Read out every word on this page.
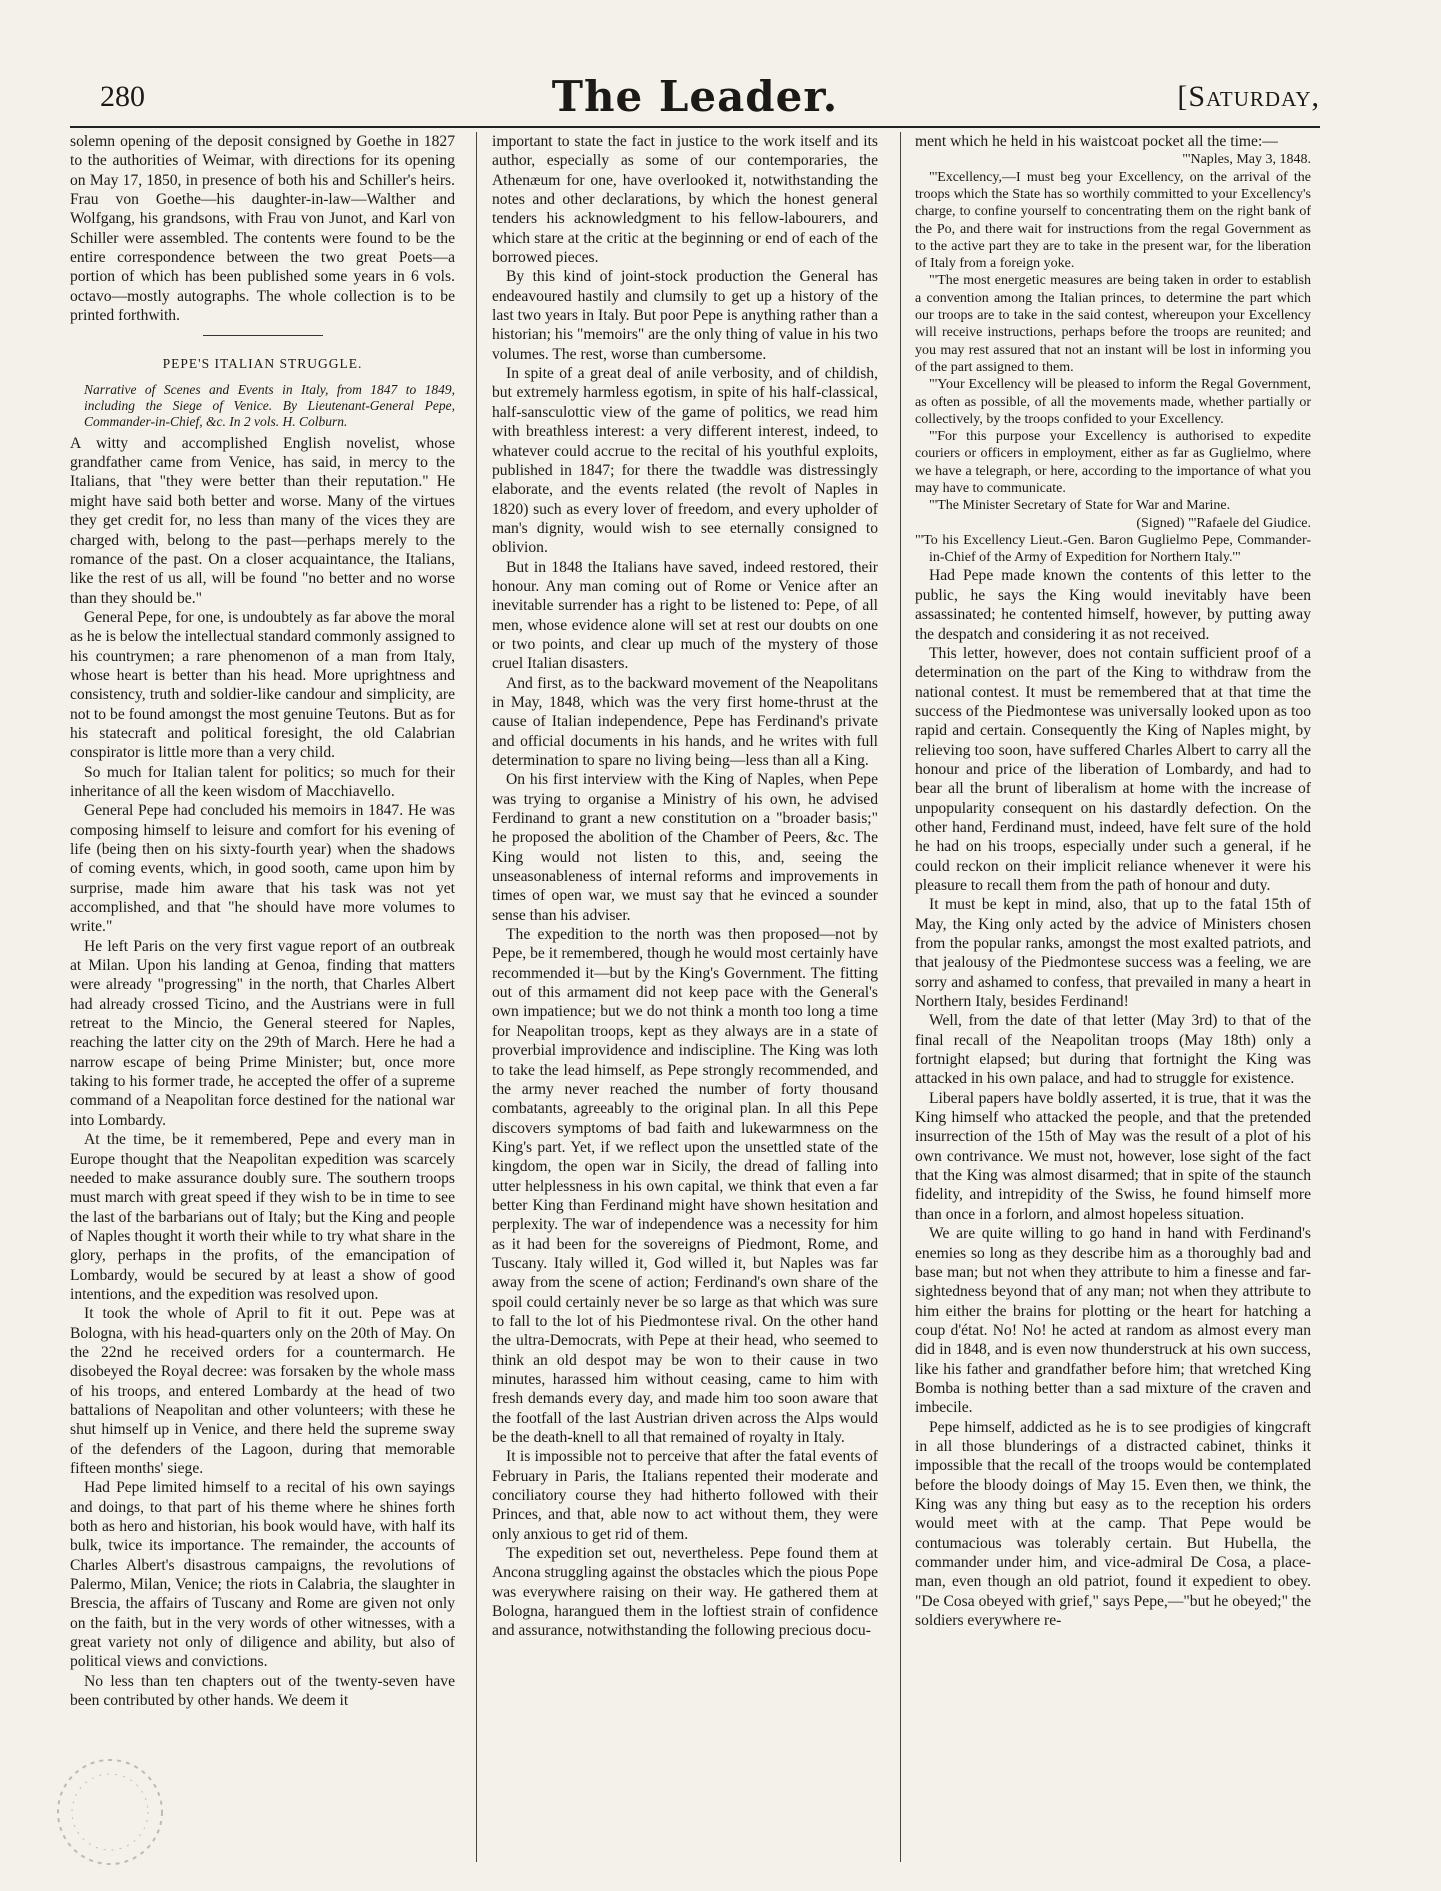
280	The Leader.	[Saturday,

solemn opening of the deposit consigned by Goethe in 1827 to the authorities of Weimar, with directions for its opening on May 17, 1850, in presence of both his and Schiller's heirs. Frau von Goethe—his daughter-in-law—Walther and Wolfgang, his grandsons, with Frau von Junot, and Karl von Schiller were assembled. The contents were found to be the entire correspondence between the two great Poets—a portion of which has been published some years in 6 vols. octavo—mostly autographs. The whole collection is to be printed forthwith.

PEPE'S ITALIAN STRUGGLE.

Narrative of Scenes and Events in Italy, from 1847 to 1849, including the Siege of Venice. By Lieutenant-General Pepe, Commander-in-Chief, &c. In 2 vols. H. Colburn.

A witty and accomplished English novelist, whose grandfather came from Venice, has said, in mercy to the Italians, that "they were better than their reputation." He might have said both better and worse. Many of the virtues they get credit for, no less than many of the vices they are charged with, belong to the past—perhaps merely to the romance of the past. On a closer acquaintance, the Italians, like the rest of us all, will be found "no better and no worse than they should be."

General Pepe, for one, is undoubtely as far above the moral as he is below the intellectual standard commonly assigned to his countrymen; a rare phenomenon of a man from Italy, whose heart is better than his head. More uprightness and consistency, truth and soldier-like candour and simplicity, are not to be found amongst the most genuine Teutons. But as for his statecraft and political foresight, the old Calabrian conspirator is little more than a very child.

So much for Italian talent for politics; so much for their inheritance of all the keen wisdom of Macchiavello.

General Pepe had concluded his memoirs in 1847. He was composing himself to leisure and comfort for his evening of life (being then on his sixty-fourth year) when the shadows of coming events, which, in good sooth, came upon him by surprise, made him aware that his task was not yet accomplished, and that "he should have more volumes to write."

He left Paris on the very first vague report of an outbreak at Milan. Upon his landing at Genoa, finding that matters were already "progressing" in the north, that Charles Albert had already crossed Ticino, and the Austrians were in full retreat to the Mincio, the General steered for Naples, reaching the latter city on the 29th of March. Here he had a narrow escape of being Prime Minister; but, once more taking to his former trade, he accepted the offer of a supreme command of a Neapolitan force destined for the national war into Lombardy.

At the time, be it remembered, Pepe and every man in Europe thought that the Neapolitan expedition was scarcely needed to make assurance doubly sure. The southern troops must march with great speed if they wish to be in time to see the last of the barbarians out of Italy; but the King and people of Naples thought it worth their while to try what share in the glory, perhaps in the profits, of the emancipation of Lombardy, would be secured by at least a show of good intentions, and the expedition was resolved upon.

It took the whole of April to fit it out. Pepe was at Bologna, with his head-quarters only on the 20th of May. On the 22nd he received orders for a countermarch. He disobeyed the Royal decree: was forsaken by the whole mass of his troops, and entered Lombardy at the head of two battalions of Neapolitan and other volunteers; with these he shut himself up in Venice, and there held the supreme sway of the defenders of the Lagoon, during that memorable fifteen months' siege.

Had Pepe limited himself to a recital of his own sayings and doings, to that part of his theme where he shines forth both as hero and historian, his book would have, with half its bulk, twice its importance. The remainder, the accounts of Charles Albert's disastrous campaigns, the revolutions of Palermo, Milan, Venice; the riots in Calabria, the slaughter in Brescia, the affairs of Tuscany and Rome are given not only on the faith, but in the very words of other witnesses, with a great variety not only of diligence and ability, but also of political views and convictions.

No less than ten chapters out of the twenty-seven have been contributed by other hands. We deem it

important to state the fact in justice to the work itself and its author, especially as some of our contemporaries, the Athenæum for one, have overlooked it, notwithstanding the notes and other declarations, by which the honest general tenders his acknowledgment to his fellow-labourers, and which stare at the critic at the beginning or end of each of the borrowed pieces.

By this kind of joint-stock production the General has endeavoured hastily and clumsily to get up a history of the last two years in Italy. But poor Pepe is anything rather than a historian; his "memoirs" are the only thing of value in his two volumes. The rest, worse than cumbersome.

In spite of a great deal of anile verbosity, and of childish, but extremely harmless egotism, in spite of his half-classical, half-sansculottic view of the game of politics, we read him with breathless interest: a very different interest, indeed, to whatever could accrue to the recital of his youthful exploits, published in 1847; for there the twaddle was distressingly elaborate, and the events related (the revolt of Naples in 1820) such as every lover of freedom, and every upholder of man's dignity, would wish to see eternally consigned to oblivion.

But in 1848 the Italians have saved, indeed restored, their honour. Any man coming out of Rome or Venice after an inevitable surrender has a right to be listened to: Pepe, of all men, whose evidence alone will set at rest our doubts on one or two points, and clear up much of the mystery of those cruel Italian disasters.

And first, as to the backward movement of the Neapolitans in May, 1848, which was the very first home-thrust at the cause of Italian independence, Pepe has Ferdinand's private and official documents in his hands, and he writes with full determination to spare no living being—less than all a King.

On his first interview with the King of Naples, when Pepe was trying to organise a Ministry of his own, he advised Ferdinand to grant a new constitution on a "broader basis;" he proposed the abolition of the Chamber of Peers, &c. The King would not listen to this, and, seeing the unseasonableness of internal reforms and improvements in times of open war, we must say that he evinced a sounder sense than his adviser.

The expedition to the north was then proposed—not by Pepe, be it remembered, though he would most certainly have recommended it—but by the King's Government. The fitting out of this armament did not keep pace with the General's own impatience; but we do not think a month too long a time for Neapolitan troops, kept as they always are in a state of proverbial improvidence and indiscipline. The King was loth to take the lead himself, as Pepe strongly recommended, and the army never reached the number of forty thousand combatants, agreeably to the original plan. In all this Pepe discovers symptoms of bad faith and lukewarmness on the King's part. Yet, if we reflect upon the unsettled state of the kingdom, the open war in Sicily, the dread of falling into utter helplessness in his own capital, we think that even a far better King than Ferdinand might have shown hesitation and perplexity. The war of independence was a necessity for him as it had been for the sovereigns of Piedmont, Rome, and Tuscany. Italy willed it, God willed it, but Naples was far away from the scene of action; Ferdinand's own share of the spoil could certainly never be so large as that which was sure to fall to the lot of his Piedmontese rival. On the other hand the ultra-Democrats, with Pepe at their head, who seemed to think an old despot may be won to their cause in two minutes, harassed him without ceasing, came to him with fresh demands every day, and made him too soon aware that the footfall of the last Austrian driven across the Alps would be the death-knell to all that remained of royalty in Italy.

It is impossible not to perceive that after the fatal events of February in Paris, the Italians repented their moderate and conciliatory course they had hitherto followed with their Princes, and that, able now to act without them, they were only anxious to get rid of them.

The expedition set out, nevertheless. Pepe found them at Ancona struggling against the obstacles which the pious Pope was everywhere raising on their way. He gathered them at Bologna, harangued them in the loftiest strain of confidence and assurance, notwithstanding the following precious docu-

ment which he held in his waistcoat pocket all the time:—

"'Naples, May 3, 1848.

"'Excellency,—I must beg your Excellency, on the arrival of the troops which the State has so worthily committed to your Excellency's charge, to confine yourself to concentrating them on the right bank of the Po, and there wait for instructions from the regal Government as to the active part they are to take in the present war, for the liberation of Italy from a foreign yoke.

"'The most energetic measures are being taken in order to establish a convention among the Italian princes, to determine the part which our troops are to take in the said contest, whereupon your Excellency will receive instructions, perhaps before the troops are reunited; and you may rest assured that not an instant will be lost in informing you of the part assigned to them.

"'Your Excellency will be pleased to inform the Regal Government, as often as possible, of all the movements made, whether partially or collectively, by the troops confided to your Excellency.

"'For this purpose your Excellency is authorised to expedite couriers or officers in employment, either as far as Guglielmo, where we have a telegraph, or here, according to the importance of what you may have to communicate.

"'The Minister Secretary of State for War and Marine.

(Signed) "'Rafaele del Giudice.

"'To his Excellency Lieut.-Gen. Baron Guglielmo Pepe, Commander-in-Chief of the Army of Expedition for Northern Italy.'"

Had Pepe made known the contents of this letter to the public, he says the King would inevitably have been assassinated; he contented himself, however, by putting away the despatch and considering it as not received.

This letter, however, does not contain sufficient proof of a determination on the part of the King to withdraw from the national contest. It must be remembered that at that time the success of the Piedmontese was universally looked upon as too rapid and certain. Consequently the King of Naples might, by relieving too soon, have suffered Charles Albert to carry all the honour and price of the liberation of Lombardy, and had to bear all the brunt of liberalism at home with the increase of unpopularity consequent on his dastardly defection. On the other hand, Ferdinand must, indeed, have felt sure of the hold he had on his troops, especially under such a general, if he could reckon on their implicit reliance whenever it were his pleasure to recall them from the path of honour and duty.

It must be kept in mind, also, that up to the fatal 15th of May, the King only acted by the advice of Ministers chosen from the popular ranks, amongst the most exalted patriots, and that jealousy of the Piedmontese success was a feeling, we are sorry and ashamed to confess, that prevailed in many a heart in Northern Italy, besides Ferdinand!

Well, from the date of that letter (May 3rd) to that of the final recall of the Neapolitan troops (May 18th) only a fortnight elapsed; but during that fortnight the King was attacked in his own palace, and had to struggle for existence.

Liberal papers have boldly asserted, it is true, that it was the King himself who attacked the people, and that the pretended insurrection of the 15th of May was the result of a plot of his own contrivance. We must not, however, lose sight of the fact that the King was almost disarmed; that in spite of the staunch fidelity, and intrepidity of the Swiss, he found himself more than once in a forlorn, and almost hopeless situation.

We are quite willing to go hand in hand with Ferdinand's enemies so long as they describe him as a thoroughly bad and base man; but not when they attribute to him a finesse and far-sightedness beyond that of any man; not when they attribute to him either the brains for plotting or the heart for hatching a coup d'état. No! No! he acted at random as almost every man did in 1848, and is even now thunderstruck at his own success, like his father and grandfather before him; that wretched King Bomba is nothing better than a sad mixture of the craven and imbecile.

Pepe himself, addicted as he is to see prodigies of kingcraft in all those blunderings of a distracted cabinet, thinks it impossible that the recall of the troops would be contemplated before the bloody doings of May 15. Even then, we think, the King was any thing but easy as to the reception his orders would meet with at the camp. That Pepe would be contumacious was tolerably certain. But Hubella, the commander under him, and vice-admiral De Cosa, a place-man, even though an old patriot, found it expedient to obey. "De Cosa obeyed with grief," says Pepe,—"but he obeyed;" the soldiers everywhere re-
